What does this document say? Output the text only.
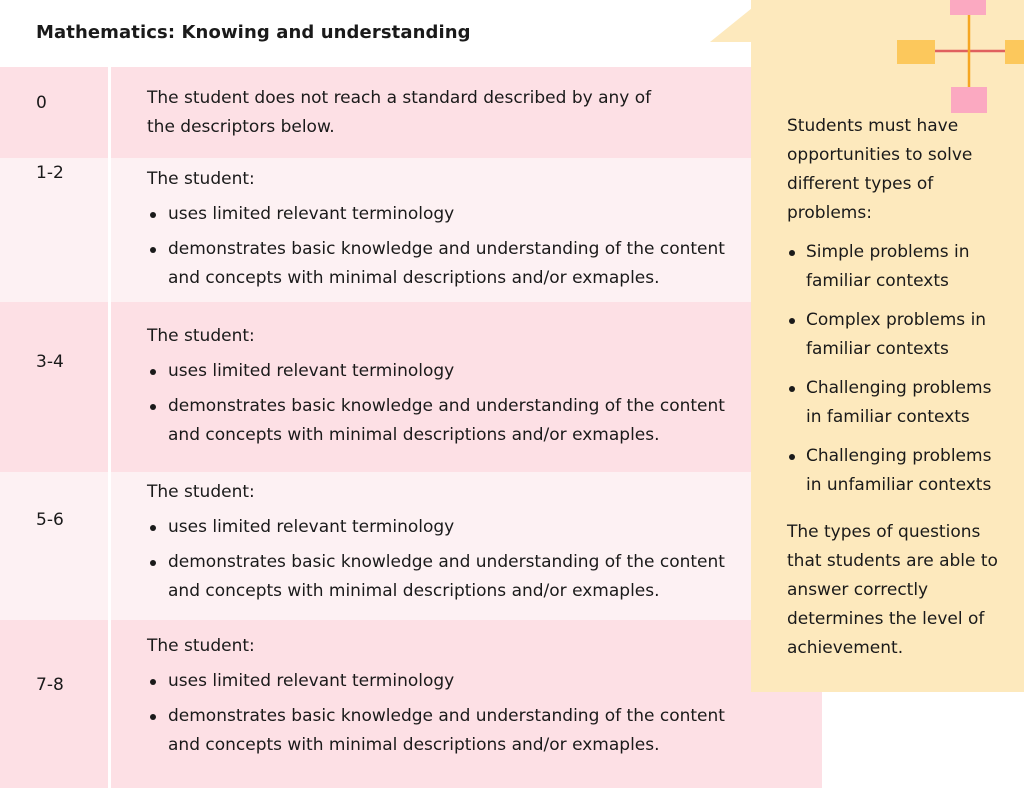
Mathematics: Knowing and understanding
0	The student does not reach a standard described by any of the descriptors below.
1-2	The student:
uses limited relevant terminology
demonstrates basic knowledge and understanding of the content and concepts with minimal descriptions and/or exmaples.
3-4
The student:
uses limited relevant terminology
demonstrates basic knowledge and understanding of the content and concepts with minimal descriptions and/or exmaples.
5-6
The student:
uses limited relevant terminology
demonstrates basic knowledge and understanding of the content and concepts with minimal descriptions and/or exmaples.
7-8
The student:
uses limited relevant terminology
demonstrates basic knowledge and understanding of the content and concepts with minimal descriptions and/or exmaples.

Students must have opportunities to solve different types of problems:

Simple problems in familiar contexts
Complex problems in familiar contexts
Challenging problems in familiar contexts
Challenging problems in unfamiliar contexts

The types of questions that students are able to answer correctly determines the level of achievement.
